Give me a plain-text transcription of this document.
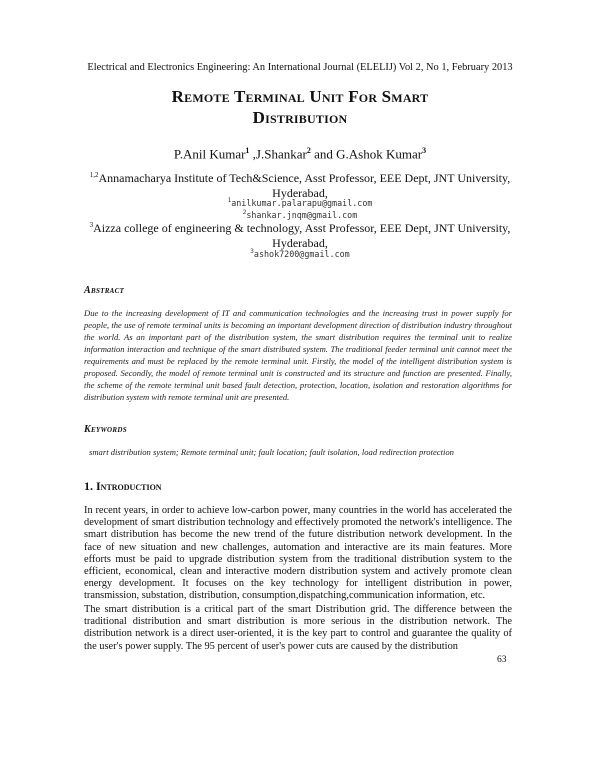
Electrical and Electronics Engineering: An International Journal (ELELIJ) Vol 2, No 1, February 2013
Remote Terminal Unit For Smart
Distribution
P.Anil Kumar$^1$ ,J.Shankar$^2$ and G.Ashok Kumar$^3$
$^{1,2}$Annamacharya Institute of Tech&Science, Asst Professor, EEE Dept, JNT University, Hyderabad,
$^1$anilkumar.palarapu@gmail.com
$^2$shankar.jnqm@gmail.com
$^3$Aizza college of engineering & technology, Asst Professor, EEE Dept, JNT University, Hyderabad,
$^3$ashok7200@gmail.com
Abstract
Due to the increasing development of IT and communication technologies and the increasing trust in power supply for people, the use of remote terminal units is becoming an important development direction of distribution industry throughout the world. As an important part of the distribution system, the smart distribution requires the terminal unit to realize information interaction and technique of the smart distributed system. The traditional feeder terminal unit cannot meet the requirements and must be replaced by the remote terminal unit. Firstly, the model of the intelligent distribution system is proposed. Secondly, the model of remote terminal unit is constructed and its structure and function are presented. Finally, the scheme of the remote terminal unit based fault detection, protection, location, isolation and restoration algorithms for distribution system with remote terminal unit are presented.
Keywords
smart distribution system; Remote terminal unit; fault location; fault isolation, load redirection protection
1. Introduction
In recent years, in order to achieve low-carbon power, many countries in the world has accelerated the development of smart distribution technology and effectively promoted the network's intelligence. The smart distribution has become the new trend of the future distribution network development. In the face of new situation and new challenges, automation and interactive are its main features. More efforts must be paid to upgrade distribution system from the traditional distribution system to the efficient, economical, clean and interactive modern distribution system and actively promote clean energy development. It focuses on the key technology for intelligent distribution in power, transmission, substation, distribution, consumption,dispatching,communication information, etc.
The smart distribution is a critical part of the smart Distribution grid. The difference between the traditional distribution and smart distribution is more serious in the distribution network. The distribution network is a direct user-oriented, it is the key part to control and guarantee the quality of the user's power supply. The 95 percent of user's power cuts are caused by the distribution
63
